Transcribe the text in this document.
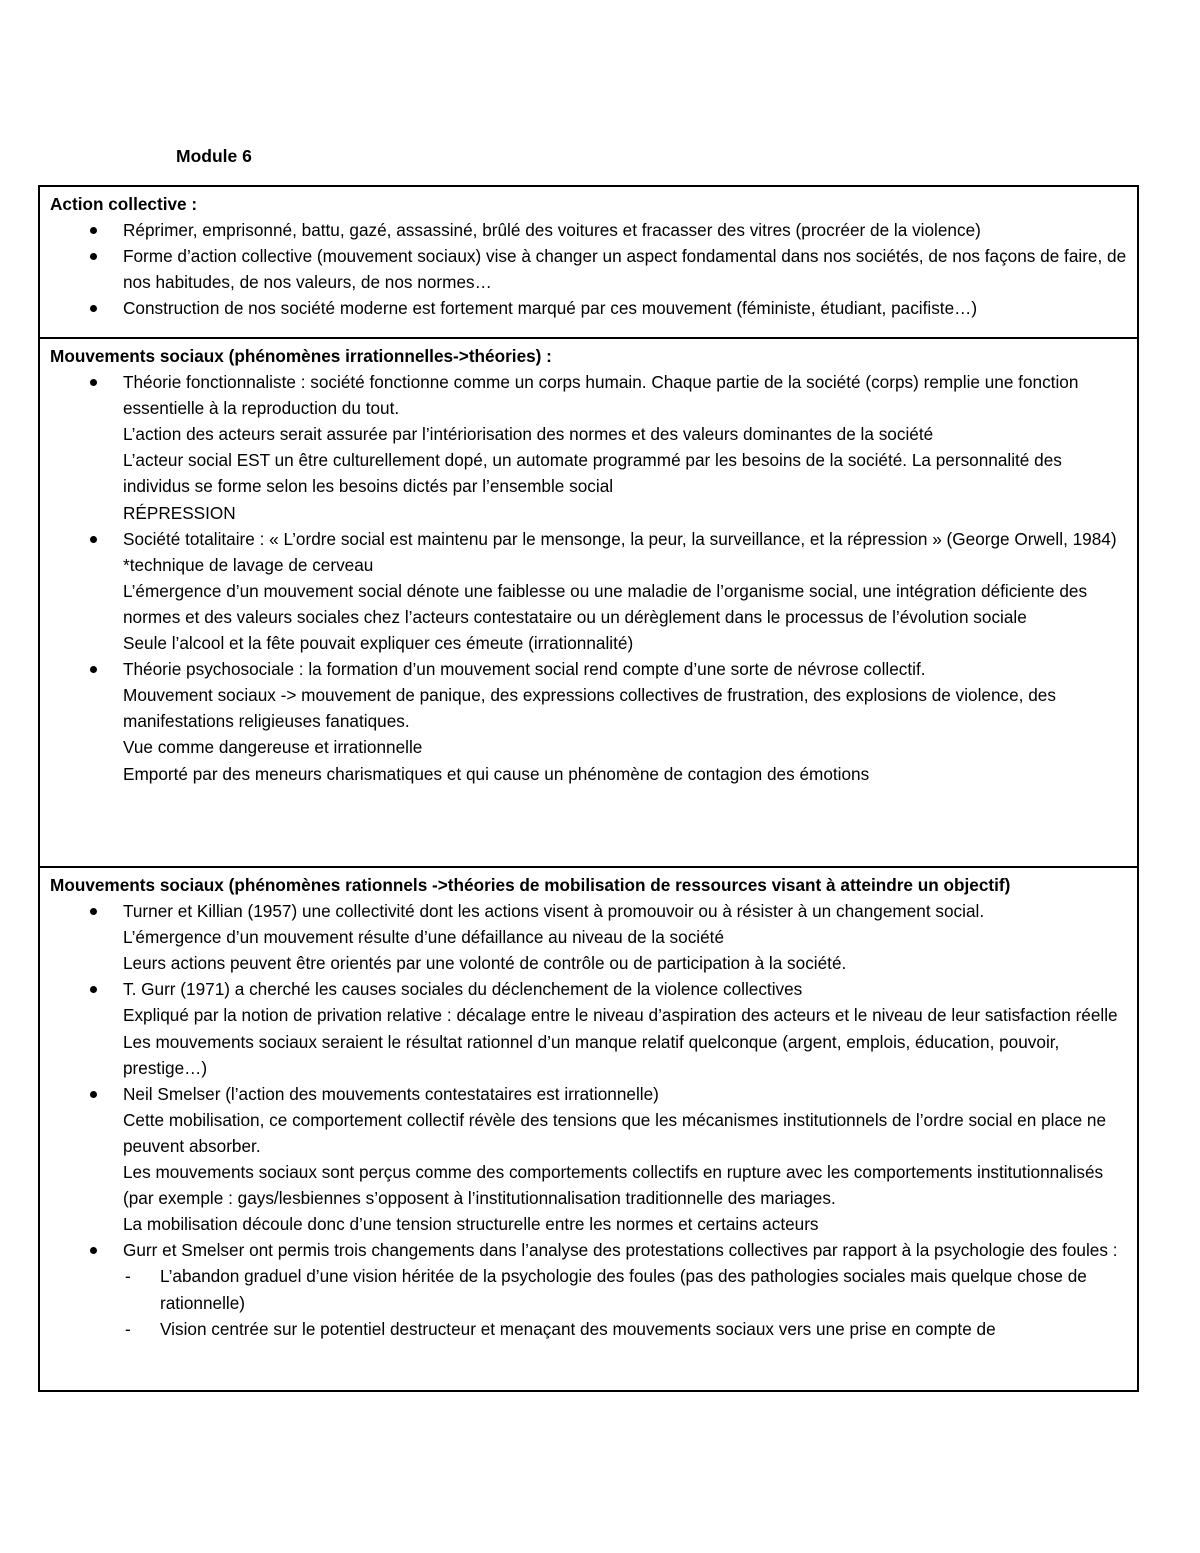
Module 6
Action collective :
Réprimer, emprisonné, battu, gazé, assassiné, brûlé des voitures et fracasser des vitres (procréer de la violence)
Forme d’action collective (mouvement sociaux) vise à changer un aspect fondamental dans nos sociétés, de nos façons de faire, de nos habitudes, de nos valeurs, de nos normes…
Construction de nos société moderne est fortement marqué par ces mouvement (féministe, étudiant, pacifiste…)
Mouvements sociaux (phénomènes irrationnelles->théories) :
Théorie fonctionnaliste : société fonctionne comme un corps humain. Chaque partie de la société (corps) remplie une fonction essentielle à la reproduction du tout.
L’action des acteurs serait assurée par l’intériorisation des normes et des valeurs dominantes de la société
L’acteur social EST un être culturellement dopé, un automate programmé par les besoins de la société. La personnalité des individus se forme selon les besoins dictés par l’ensemble social
RÉPRESSION
Société totalitaire : « L’ordre social est maintenu par le mensonge, la peur, la surveillance, et la répression » (George Orwell, 1984)
*technique de lavage de cerveau
L’émergence d’un mouvement social dénote une faiblesse ou une maladie de l’organisme social, une intégration déficiente des normes et des valeurs sociales chez l’acteurs contestataire ou un dérèglement dans le processus de l’évolution sociale
Seule l’alcool et la fête pouvait expliquer ces émeute (irrationnalité)
Théorie psychosociale : la formation d’un mouvement social rend compte d’une sorte de névrose collectif.
Mouvement sociaux -> mouvement de panique, des expressions collectives de frustration, des explosions de violence, des manifestations religieuses fanatiques.
Vue comme dangereuse et irrationnelle
Emporté par des meneurs charismatiques et qui cause un phénomène de contagion des émotions
Mouvements sociaux (phénomènes rationnels ->théories de mobilisation de ressources visant à atteindre un objectif)
Turner et Killian (1957) une collectivité dont les actions visent à promouvoir ou à résister à un changement social.
L’émergence d’un mouvement résulte d’une défaillance au niveau de la société
Leurs actions peuvent être orientés par une volonté de contrôle ou de participation à la société.
T. Gurr (1971) a cherché les causes sociales du déclenchement de la violence collectives
Expliqué par la notion de privation relative : décalage entre le niveau d’aspiration des acteurs et le niveau de leur satisfaction réelle
Les mouvements sociaux seraient le résultat rationnel d’un manque relatif quelconque (argent, emplois, éducation, pouvoir, prestige…)
Neil Smelser (l’action des mouvements contestataires est irrationnelle)
Cette mobilisation, ce comportement collectif révèle des tensions que les mécanismes institutionnels de l’ordre social en place ne peuvent absorber.
Les mouvements sociaux sont perçus comme des comportements collectifs en rupture avec les comportements institutionnalisés (par exemple : gays/lesbiennes s’opposent à l’institutionnalisation traditionnelle des mariages.
La mobilisation découle donc d’une tension structurelle entre les normes et certains acteurs
Gurr et Smelser ont permis trois changements dans l’analyse des protestations collectives par rapport à la psychologie des foules :
- L’abandon graduel d’une vision héritée de la psychologie des foules (pas des pathologies sociales mais quelque chose de rationnelle)
- Vision centrée sur le potentiel destructeur et menaçant des mouvements sociaux vers une prise en compte de
